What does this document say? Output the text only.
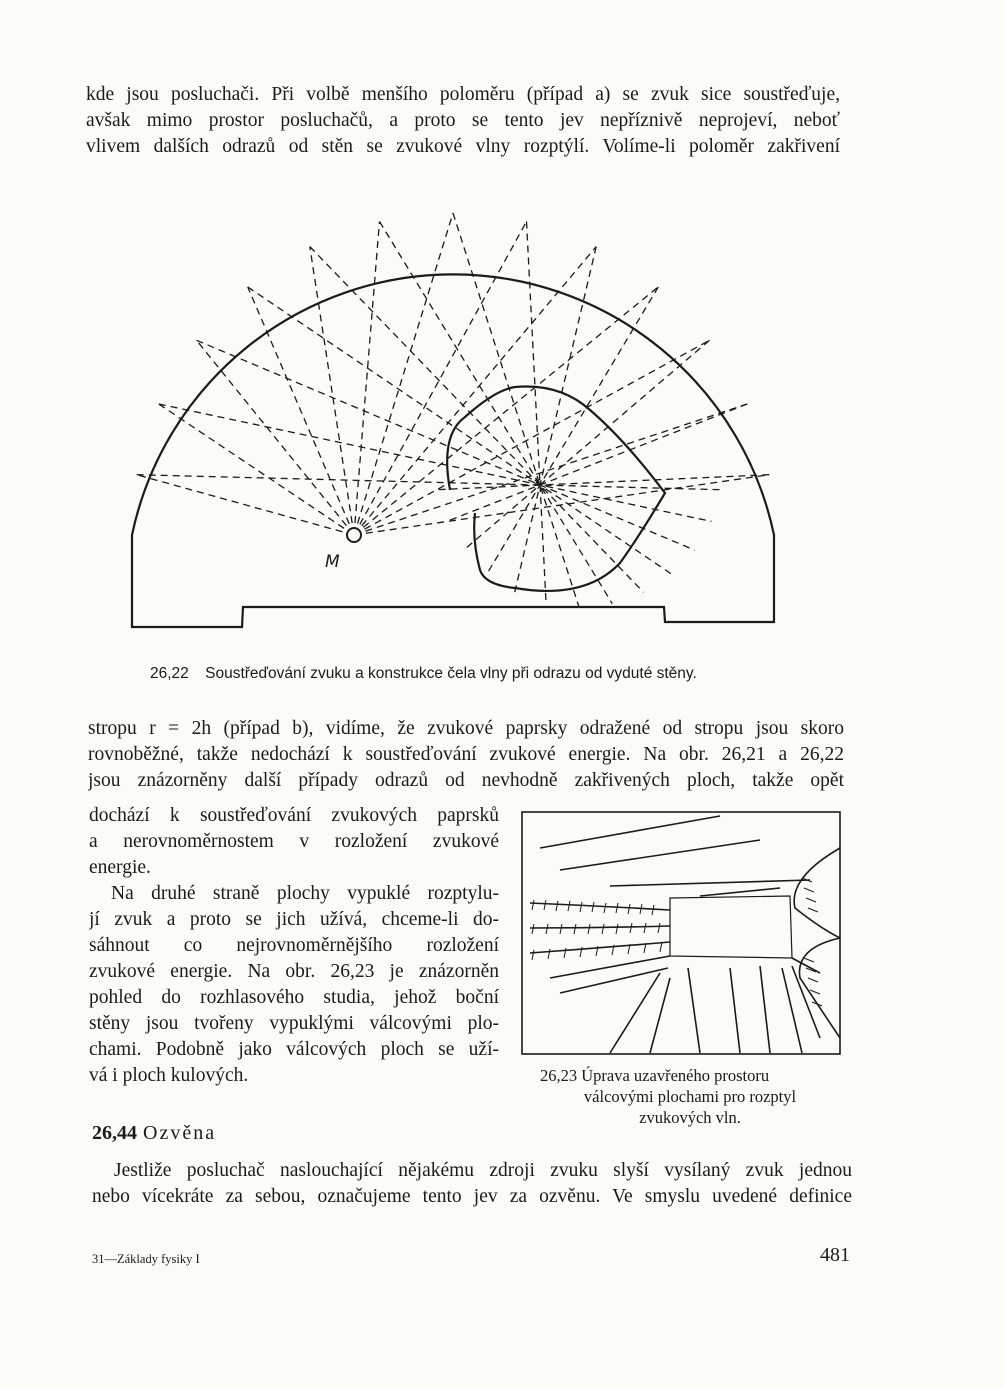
kde jsou posluchači. Při volbě menšího poloměru (případ a) se zvuk sice soustřeďuje,
avšak mimo prostor posluchačů, a proto se tento jev nepříznivě neprojeví, neboť
vlivem dalších odrazů od stěn se zvukové vlny rozptýlí. Volíme-li poloměr zakřivení
M

26,22 Soustřeďování zvuku a konstrukce čela vlny při odrazu od vyduté stěny.

stropu r = 2h (případ b), vidíme, že zvukové paprsky odražené od stropu jsou skoro
rovnoběžné, takže nedochází k soustřeďování zvukové energie. Na obr. 26,21 a 26,22
jsou znázorněny další případy odrazů od nevhodně zakřivených ploch, takže opět
dochází k soustřeďování zvukových paprsků
a nerovnoměrnostem v rozložení zvukové
energie.
Na druhé straně plochy vypuklé rozptylu-
jí zvuk a proto se jich užívá, chceme-li do-
sáhnout co nejrovnoměrnějšího rozložení
zvukové energie. Na obr. 26,23 je znázorněn
pohled do rozhlasového studia, jehož boční
stěny jsou tvořeny vypuklými válcovými plo-
chami. Podobně jako válcových ploch se uží-
vá i ploch kulových.	26,23 Úprava uzavřeného prostoru
válcovými plochami pro rozptyl
zvukových vln.

26,44 Ozvěna

Jestliže posluchač naslouchající nějakému zdroji zvuku slyší vysílaný zvuk jednou
nebo vícekráte za sebou, označujeme tento jev za ozvěnu. Ve smyslu uvedené definice
31—Základy fysiky I	481
